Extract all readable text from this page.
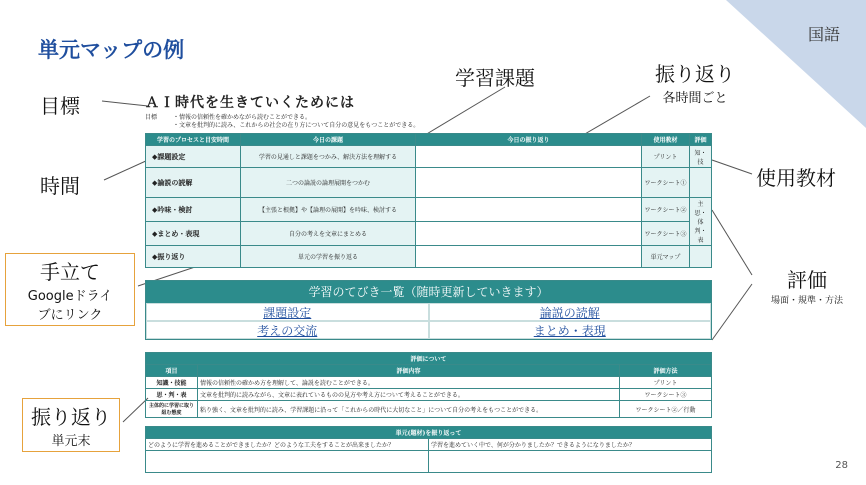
単元マップの例
国語
目標
時間
学習課題	振り返り
各時間ごと
使用教材
手立て
Googleドライ
ブにリンク
評価
場面・規準・方法
振り返り
単元末
ＡＩ時代を生きていくためには
目標	・情報の信頼性を確かめながら読むことができる。
・文章を批判的に読み、これからの社会の在り方について自分の意見をもつことができる。
学習のプロセスと目安時間	今日の課題	今日の振り返り	使用教材	評価
◆課題設定	学習の見通しと課題をつかみ、解決方法を理解する		プリント	知・技
◆論説の読解	二つの論説の論理展開をつかむ		ワークシート①	
◆吟味・検討	【主張と根拠】や【論理の展開】を吟味、検討する		ワークシート②	主思・体判・表
◆まとめ・表現	自分の考えを文章にまとめる		ワークシート③	
◆振り返り	単元の学習を振り返る		単元マップ	
学習のてびき一覧（随時更新していきます）
課題設定	論説の読解
考えの交流	まとめ・表現
評価について		
項目	評価内容	評価方法
知識・技能	情報の信頼性の確かめ方を理解して、論説を読むことができる。	プリント
思・判・表	文章を批判的に読みながら、文章に表れているものの見方や考え方について考えることができる。	ワークシート③
主体的に学習に取り組む態度	粘り強く、文章を批判的に読み、学習課題に沿って「これからの時代に大切なこと」について自分の考えをもつことができる。	ワークシート②／行動
単元(題材)を振り返って	
どのように学習を進めることができましたか？どのような工夫をすることが出来ましたか？	学習を進めていく中で、何が分かりましたか？できるようになりましたか？

28
